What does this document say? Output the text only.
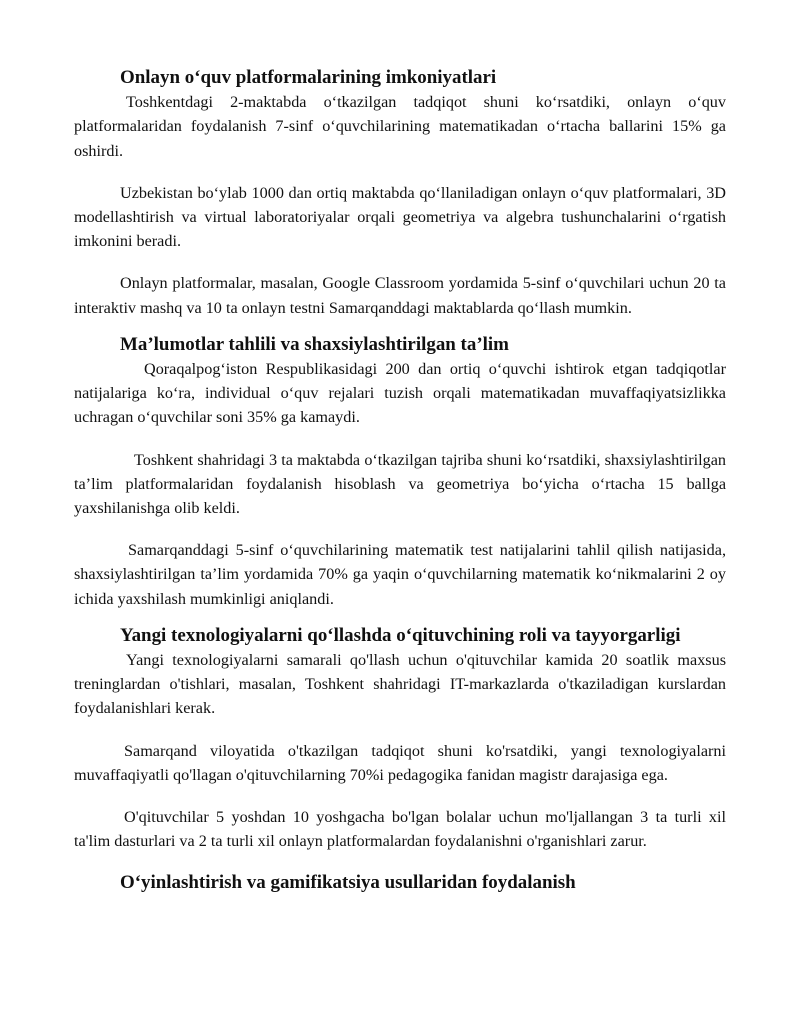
Onlayn o‘quv platformalarining imkoniyatlari

Toshkentdagi 2-maktabda o‘tkazilgan tadqiqot shuni ko‘rsatdiki, onlayn o‘quv platformalaridan foydalanish 7-sinf o‘quvchilarining matematikadan o‘rtacha ballarini 15% ga oshirdi.

Uzbekistan bo‘ylab 1000 dan ortiq maktabda qo‘llaniladigan onlayn o‘quv platformalari, 3D modellashtirish va virtual laboratoriyalar orqali geometriya va algebra tushunchalarini o‘rgatish imkonini beradi.

Onlayn platformalar, masalan, Google Classroom yordamida 5-sinf o‘quvchilari uchun 20 ta interaktiv mashq va 10 ta onlayn testni Samarqanddagi maktablarda qo‘llash mumkin.

Ma’lumotlar tahlili va shaxsiylashtirilgan ta’lim

Qoraqalpog‘iston Respublikasidagi 200 dan ortiq o‘quvchi ishtirok etgan tadqiqotlar natijalariga ko‘ra, individual o‘quv rejalari tuzish orqali matematikadan muvaffaqiyatsizlikka uchragan o‘quvchilar soni 35% ga kamaydi.

Toshkent shahridagi 3 ta maktabda o‘tkazilgan tajriba shuni ko‘rsatdiki, shaxsiylashtirilgan ta’lim platformalaridan foydalanish hisoblash va geometriya bo‘yicha o‘rtacha 15 ballga yaxshilanishga olib keldi.

Samarqanddagi 5-sinf o‘quvchilarining matematik test natijalarini tahlil qilish natijasida, shaxsiylashtirilgan ta’lim yordamida 70% ga yaqin o‘quvchilarning matematik ko‘nikmalarini 2 oy ichida yaxshilash mumkinligi aniqlandi.

Yangi texnologiyalarni qo‘llashda o‘qituvchining roli va tayyorgarligi

Yangi texnologiyalarni samarali qo'llash uchun o'qituvchilar kamida 20 soatlik maxsus treninglardan o'tishlari, masalan, Toshkent shahridagi IT-markazlarda o'tkaziladigan kurslardan foydalanishlari kerak.

Samarqand viloyatida o'tkazilgan tadqiqot shuni ko'rsatdiki, yangi texnologiyalarni muvaffaqiyatli qo'llagan o'qituvchilarning 70%i pedagogika fanidan magistr darajasiga ega.

O'qituvchilar 5 yoshdan 10 yoshgacha bo'lgan bolalar uchun mo'ljallangan 3 ta turli xil ta'lim dasturlari va 2 ta turli xil onlayn platformalardan foydalanishni o'rganishlari zarur.

O‘yinlashtirish va gamifikatsiya usullaridan foydalanish
